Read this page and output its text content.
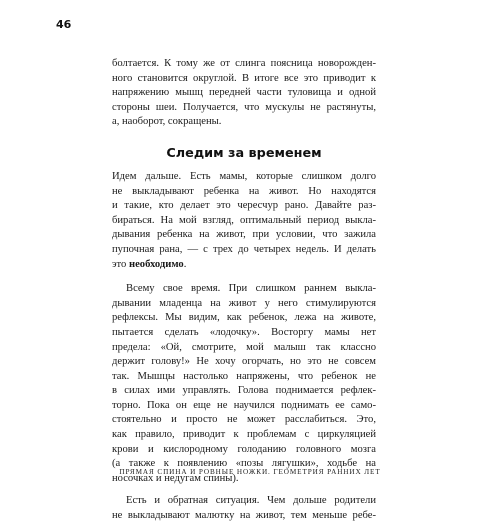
46
болтается. К тому же от слинга поясница новорожден-
ного становится округлой. В итоге все это приводит к
напряжению мышц передней части туловища и одной
стороны шеи. Получается, что мускулы не растянуты,
а, наоборот, сокращены.
Следим за временем
Идем дальше. Есть мамы, которые слишком долго
не выкладывают ребенка на живот. Но находятся
и такие, кто делает это чересчур рано. Давайте раз-
бираться. На мой взгляд, оптимальный период выкла-
дывания ребенка на живот, при условии, что зажила
пупочная рана, — с трех до четырех недель. И делать
это необходимо.
Всему свое время. При слишком раннем выкла-
дывании младенца на живот у него стимулируются
рефлексы. Мы видим, как ребенок, лежа на животе,
пытается сделать «лодочку». Восторгу мамы нет
предела: «Ой, смотрите, мой малыш так классно
держит голову!» Не хочу огорчать, но это не совсем
так. Мышцы настолько напряжены, что ребенок не
в силах ими управлять. Голова поднимается рефлек-
торно. Пока он еще не научился поднимать ее само-
стоятельно и просто не может расслабиться. Это,
как правило, приводит к проблемам с циркуляцией
крови и кислородному голоданию головного мозга
(а также к появлению «позы лягушки», ходьбе на
носочках и недугам спины).
Есть и обратная ситуация. Чем дольше родители
не выкладывают малютку на живот, тем меньше ребе-
ПРЯМАЯ СПИНА И РОВНЫЕ НОЖКИ. ГЕОМЕТРИЯ РАННИХ ЛЕТ
